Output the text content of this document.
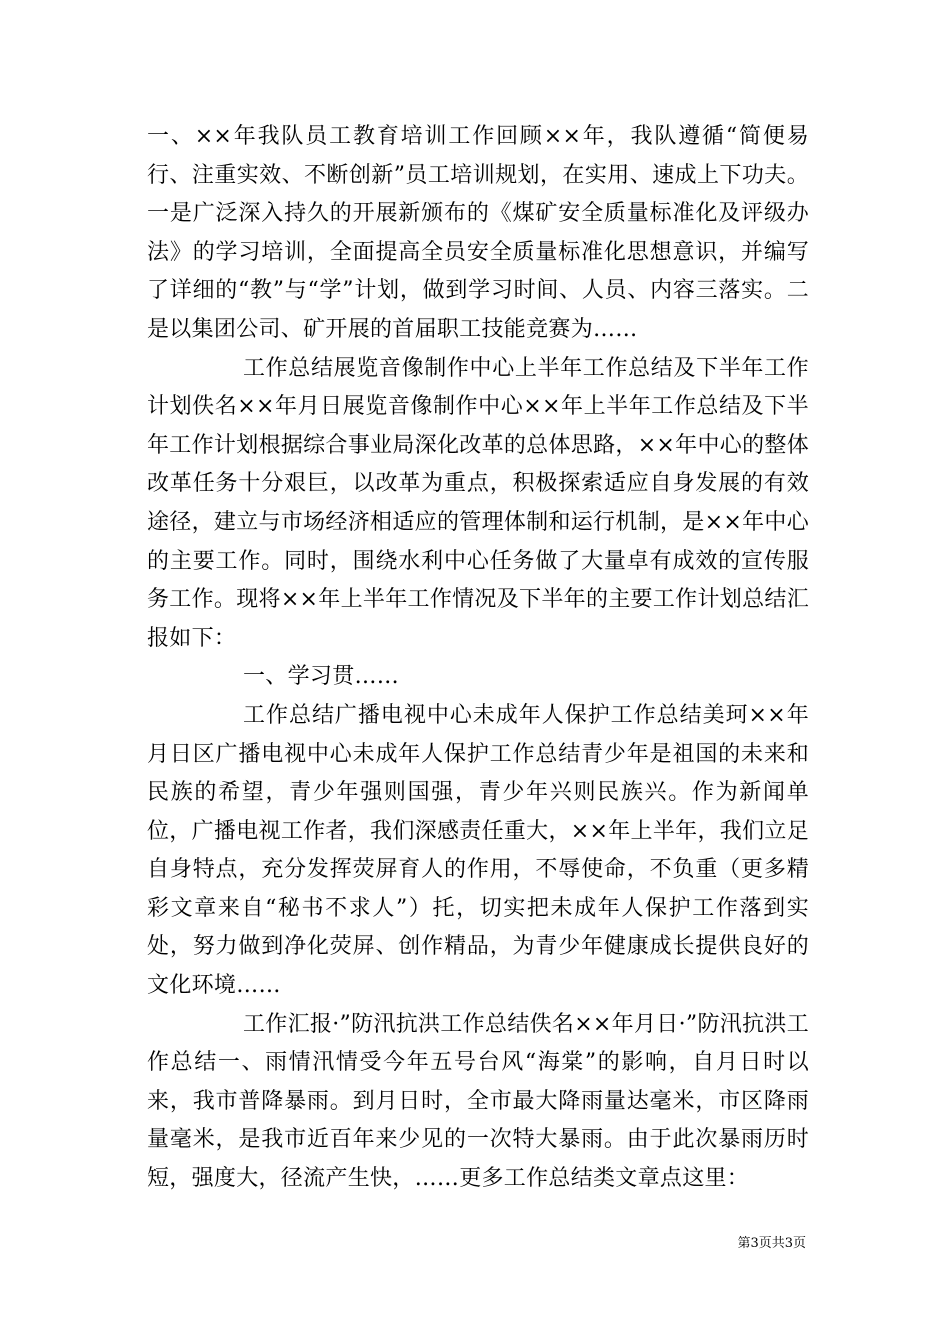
一、××年我队员工教育培训工作回顾××年，我队遵循“简便易行、注重实效、不断创新”员工培训规划，在实用、速成上下功夫。一是广泛深入持久的开展新颁布的《煤矿安全质量标准化及评级办法》的学习培训，全面提高全员安全质量标准化思想意识，并编写了详细的“教”与“学”计划，做到学习时间、人员、内容三落实。二是以集团公司、矿开展的首届职工技能竞赛为……

工作总结展览音像制作中心上半年工作总结及下半年工作计划佚名××年月日展览音像制作中心××年上半年工作总结及下半年工作计划根据综合事业局深化改革的总体思路，××年中心的整体改革任务十分艰巨，以改革为重点，积极探索适应自身发展的有效途径，建立与市场经济相适应的管理体制和运行机制，是××年中心的主要工作。同时，围绕水利中心任务做了大量卓有成效的宣传服务工作。现将××年上半年工作情况及下半年的主要工作计划总结汇报如下：

一、学习贯……

工作总结广播电视中心未成年人保护工作总结美珂××年月日区广播电视中心未成年人保护工作总结青少年是祖国的未来和民族的希望，青少年强则国强，青少年兴则民族兴。作为新闻单位，广播电视工作者，我们深感责任重大，××年上半年，我们立足自身特点，充分发挥荧屏育人的作用，不辱使命，不负重（更多精彩文章来自“秘书不求人”）托，切实把未成年人保护工作落到实处，努力做到净化荧屏、创作精品，为青少年健康成长提供良好的文化环境……

工作汇报·”防汛抗洪工作总结佚名××年月日·”防汛抗洪工作总结一、雨情汛情受今年五号台风“海棠”的影响，自月日时以来，我市普降暴雨。到月日时，全市最大降雨量达毫米，市区降雨量毫米，是我市近百年来少见的一次特大暴雨。由于此次暴雨历时短，强度大，径流产生快，……更多工作总结类文章点这里：

第3页共3页
